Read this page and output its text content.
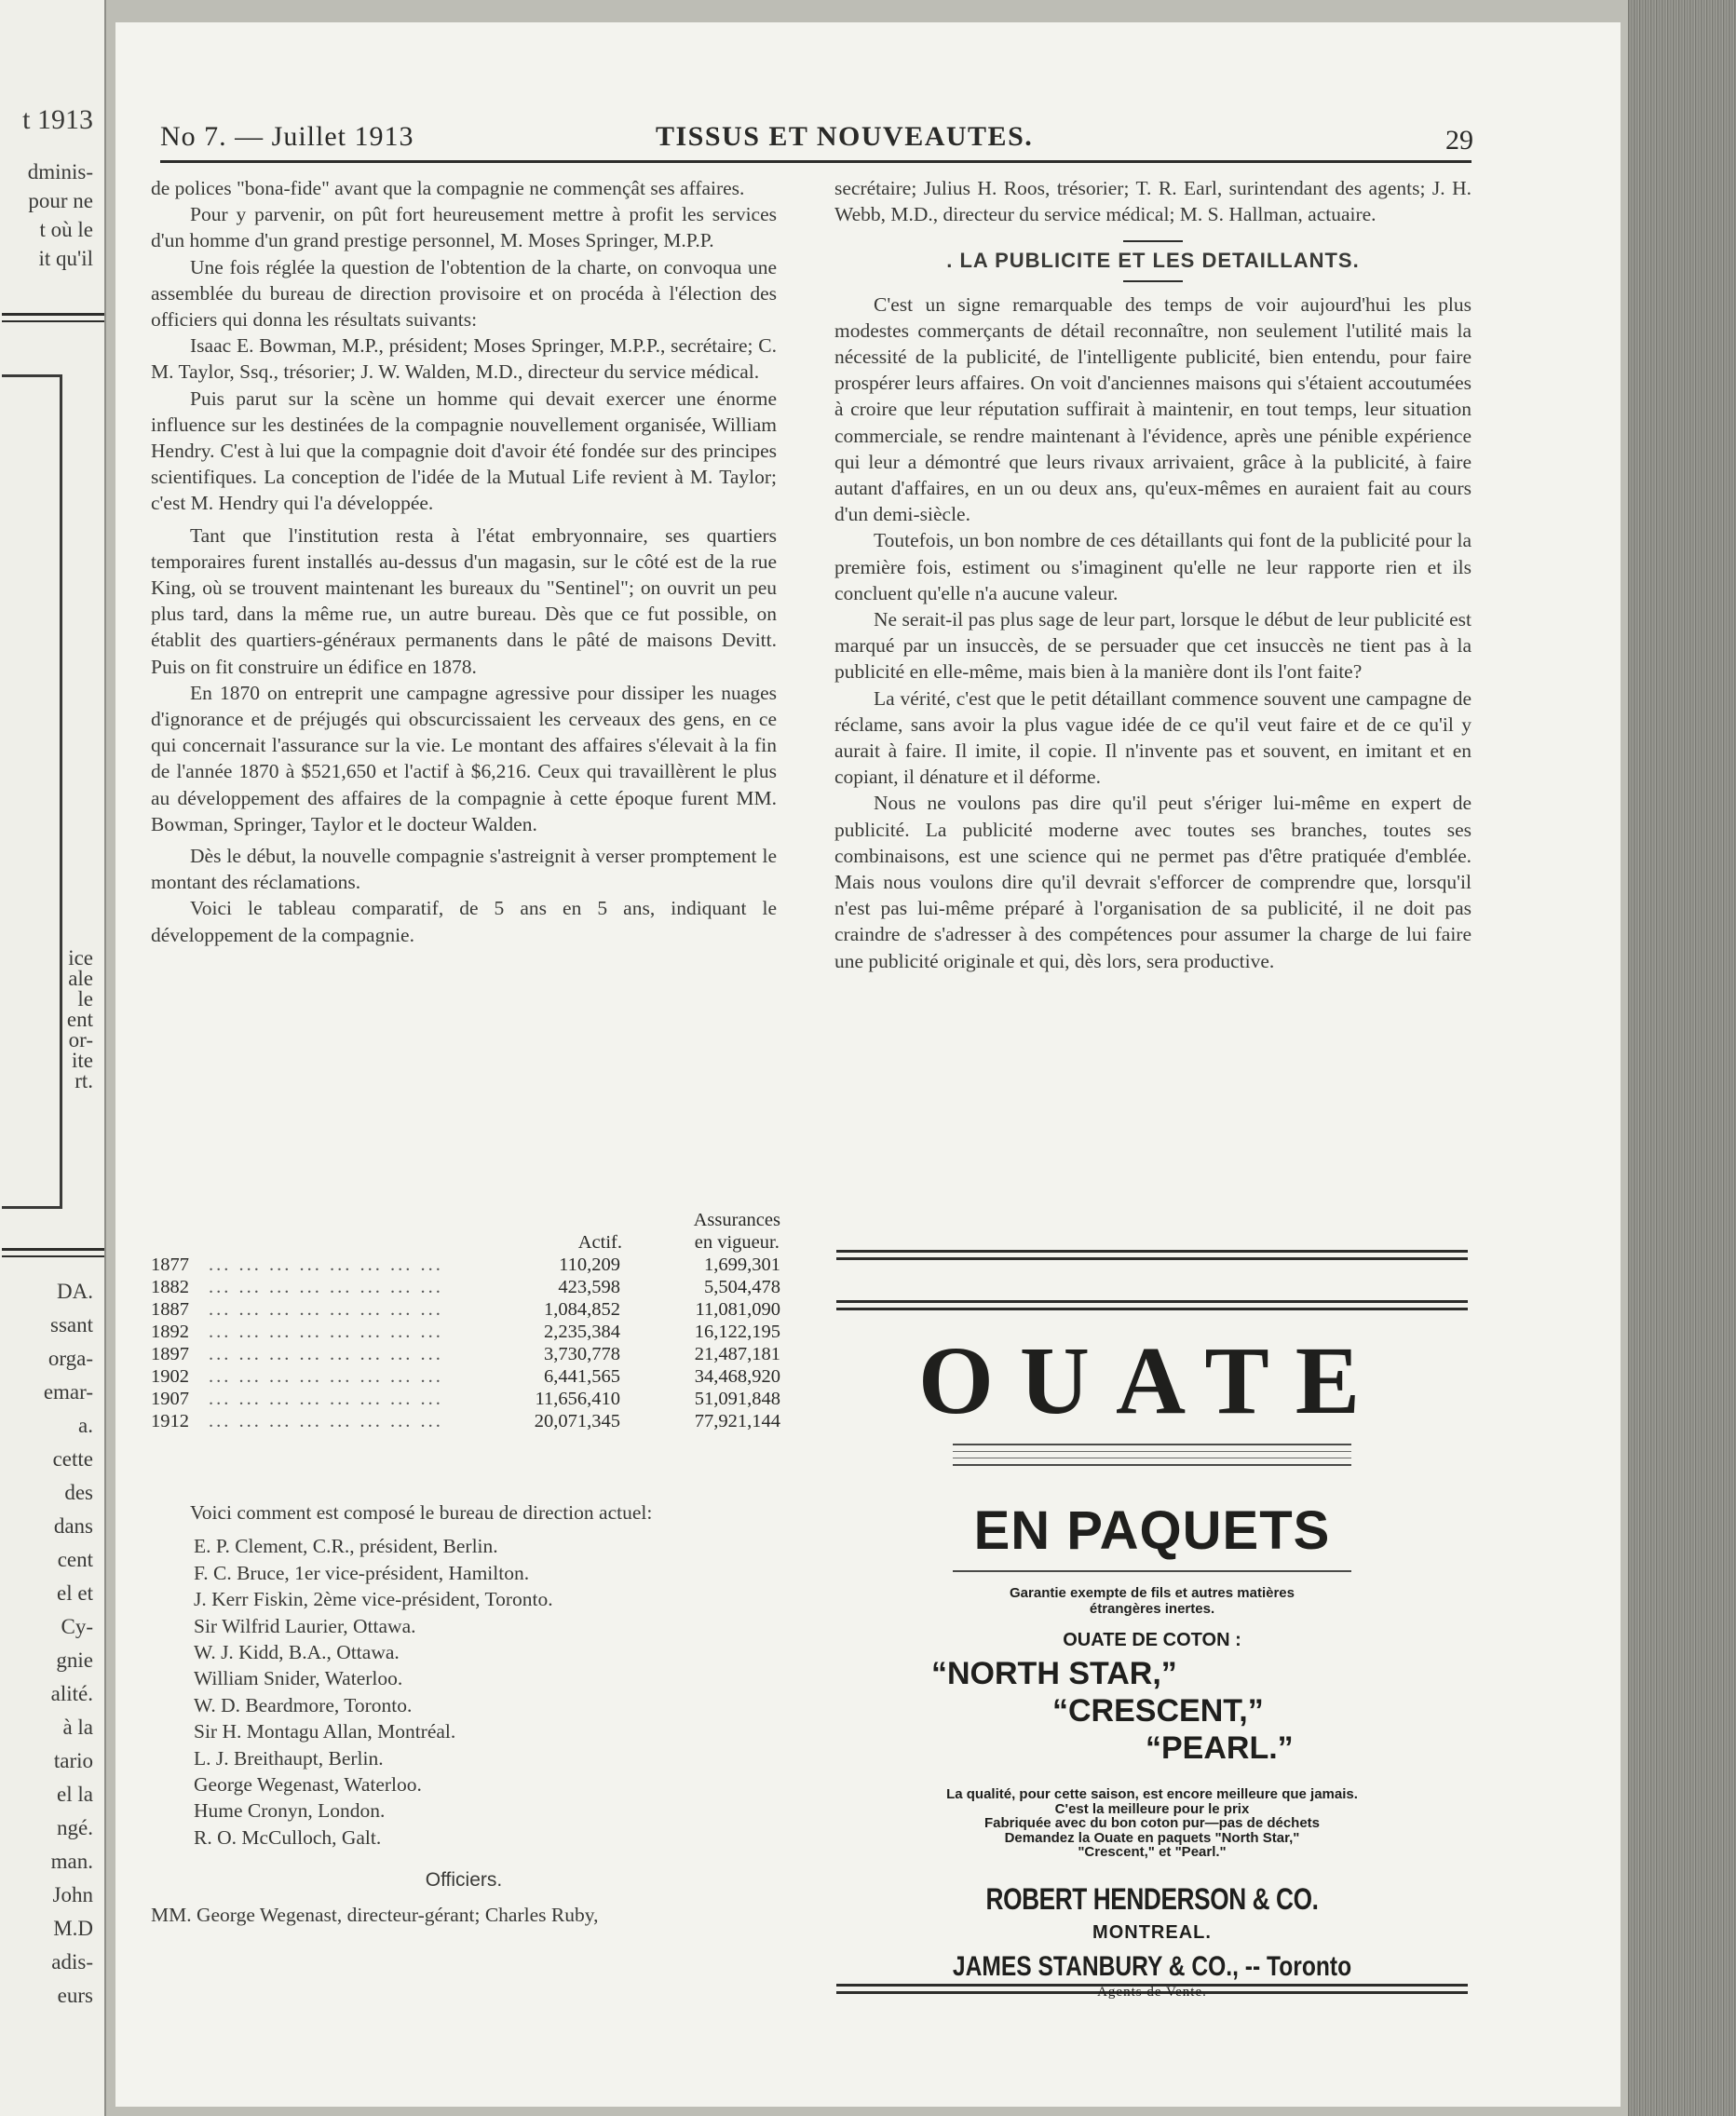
t 1913
dminis-
pour ne
t où le
it qu'il
ice
ale
le
ent
or-
ite
rt.
DA.
ssant
orga-
emar-
a.
cette
des
dans
cent
el et
Cy-
gnie
alité.
à la
tario
el la
ngé.
man.
John
M.D
adis-
eurs
No 7. — Juillet 1913	TISSUS ET NOUVEAUTES.	29

de polices "bona-fide" avant que la compagnie ne commençât ses affaires.

Pour y parvenir, on pût fort heureusement mettre à profit les services d'un homme d'un grand prestige personnel, M. Moses Springer, M.P.P.

Une fois réglée la question de l'obtention de la charte, on convoqua une assemblée du bureau de direction provisoire et on procéda à l'élection des officiers qui donna les résultats suivants:

Isaac E. Bowman, M.P., président; Moses Springer, M.P.P., secrétaire; C. M. Taylor, Ssq., trésorier; J. W. Walden, M.D., directeur du service médical.

Puis parut sur la scène un homme qui devait exercer une énorme influence sur les destinées de la compagnie nouvellement organisée, William Hendry. C'est à lui que la compagnie doit d'avoir été fondée sur des principes scientifiques. La conception de l'idée de la Mutual Life revient à M. Taylor; c'est M. Hendry qui l'a développée.

Tant que l'institution resta à l'état embryonnaire, ses quartiers temporaires furent installés au-dessus d'un magasin, sur le côté est de la rue King, où se trouvent maintenant les bureaux du "Sentinel"; on ouvrit un peu plus tard, dans la même rue, un autre bureau. Dès que ce fut possible, on établit des quartiers-généraux permanents dans le pâté de maisons Devitt. Puis on fit construire un édifice en 1878.

En 1870 on entreprit une campagne agressive pour dissiper les nuages d'ignorance et de préjugés qui obscurcissaient les cerveaux des gens, en ce qui concernait l'assurance sur la vie. Le montant des affaires s'élevait à la fin de l'année 1870 à $521,650 et l'actif à $6,216. Ceux qui travaillèrent le plus au développement des affaires de la compagnie à cette époque furent MM. Bowman, Springer, Taylor et le docteur Walden.

Dès le début, la nouvelle compagnie s'astreignit à verser promptement le montant des réclamations.

Voici le tableau comparatif, de 5 ans en 5 ans, indiquant le développement de la compagnie.

Actif.
Assurances
en vigueur.
1877 ... ... ... ... ... ... ... ...	110,209	1,699,301
1882 ... ... ... ... ... ... ... ...	423,598	5,504,478
1887 ... ... ... ... ... ... ... ...	1,084,852	11,081,090
1892 ... ... ... ... ... ... ... ...	2,235,384	16,122,195
1897 ... ... ... ... ... ... ... ...	3,730,778	21,487,181
1902 ... ... ... ... ... ... ... ...	6,441,565	34,468,920
1907 ... ... ... ... ... ... ... ...	11,656,410	51,091,848
1912 ... ... ... ... ... ... ... ...	20,071,345	77,921,144

Voici comment est composé le bureau de direction actuel:

E. P. Clement, C.R., président, Berlin.
F. C. Bruce, 1er vice-président, Hamilton.
J. Kerr Fiskin, 2ème vice-président, Toronto.
Sir Wilfrid Laurier, Ottawa.
W. J. Kidd, B.A., Ottawa.
William Snider, Waterloo.
W. D. Beardmore, Toronto.
Sir H. Montagu Allan, Montréal.
L. J. Breithaupt, Berlin.
George Wegenast, Waterloo.
Hume Cronyn, London.
R. O. McCulloch, Galt.
Officiers.

MM. George Wegenast, directeur-gérant; Charles Ruby,

secrétaire; Julius H. Roos, trésorier; T. R. Earl, surintendant des agents; J. H. Webb, M.D., directeur du service médical; M. S. Hallman, actuaire.

. LA PUBLICITE ET LES DETAILLANTS.

C'est un signe remarquable des temps de voir aujourd'hui les plus modestes commerçants de détail reconnaître, non seulement l'utilité mais la nécessité de la publicité, de l'intelligente publicité, bien entendu, pour faire prospérer leurs affaires. On voit d'anciennes maisons qui s'étaient accoutumées à croire que leur réputation suffirait à maintenir, en tout temps, leur situation commerciale, se rendre maintenant à l'évidence, après une pénible expérience qui leur a démontré que leurs rivaux arrivaient, grâce à la publicité, à faire autant d'affaires, en un ou deux ans, qu'eux-mêmes en auraient fait au cours d'un demi-siècle.

Toutefois, un bon nombre de ces détaillants qui font de la publicité pour la première fois, estiment ou s'imaginent qu'elle ne leur rapporte rien et ils concluent qu'elle n'a aucune valeur.

Ne serait-il pas plus sage de leur part, lorsque le début de leur publicité est marqué par un insuccès, de se persuader que cet insuccès ne tient pas à la publicité en elle-même, mais bien à la manière dont ils l'ont faite?

La vérité, c'est que le petit détaillant commence souvent une campagne de réclame, sans avoir la plus vague idée de ce qu'il veut faire et de ce qu'il y aurait à faire. Il imite, il copie. Il n'invente pas et souvent, en imitant et en copiant, il dénature et il déforme.

Nous ne voulons pas dire qu'il peut s'ériger lui-même en expert de publicité. La publicité moderne avec toutes ses branches, toutes ses combinaisons, est une science qui ne permet pas d'être pratiquée d'emblée. Mais nous voulons dire qu'il devrait s'efforcer de comprendre que, lorsqu'il n'est pas lui-même préparé à l'organisation de sa publicité, il ne doit pas craindre de s'adresser à des compétences pour assumer la charge de lui faire une publicité originale et qui, dès lors, sera productive.

OUATE
EN PAQUETS
Garantie exempte de fils et autres matières
étrangères inertes.
OUATE DE COTON :
“NORTH STAR,”
“CRESCENT,”
“PEARL.”
La qualité, pour cette saison, est encore meilleure que jamais. C'est la meilleure pour le prix
Fabriquée avec du bon coton pur—pas de déchets
Demandez la Ouate en paquets "North Star,"
"Crescent," et "Pearl."
ROBERT HENDERSON & CO.
MONTREAL.
JAMES STANBURY & CO., -- Toronto
Agents de Vente.
